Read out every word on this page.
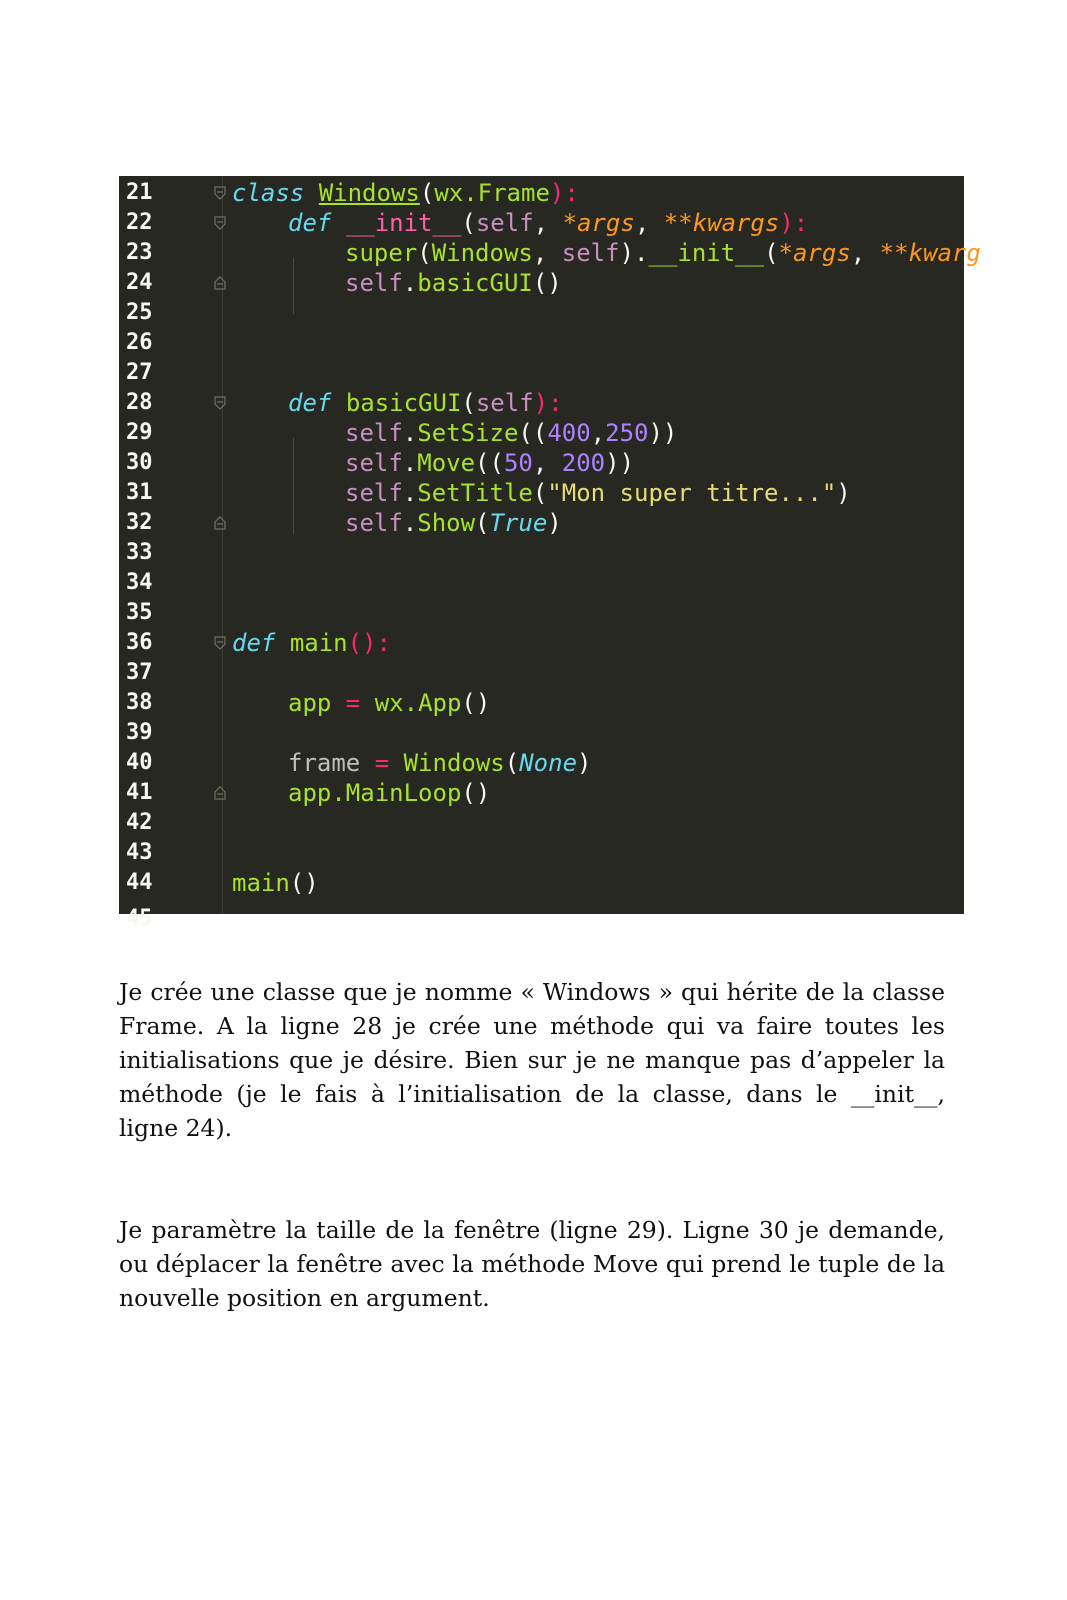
45
21	class Windows(wx.Frame):
22	def __init__(self, *args, **kwargs):
23	super(Windows, self).__init__(*args, **kwarg
24	self.basicGUI()
25
26
27
28	def basicGUI(self):
29	self.SetSize((400,250))
30	self.Move((50, 200))
31	self.SetTitle("Mon super titre...")
32	self.Show(True)
33
34
35
36	def main():
37
38	app = wx.App()
39
40	frame = Windows(None)
41	app.MainLoop()
42
43
44	main()

Je crée une classe que je nomme « Windows » qui hérite de la classe Frame. A la ligne 28 je crée une méthode qui va faire toutes les initialisations que je désire. Bien sur je ne manque pas d’appeler la méthode (je le fais à l’initialisation de la classe, dans le __init__, ligne 24).

Je paramètre la taille de la fenêtre (ligne 29). Ligne 30 je demande, ou déplacer la fenêtre avec la méthode Move qui prend le tuple de la nouvelle position en argument.
